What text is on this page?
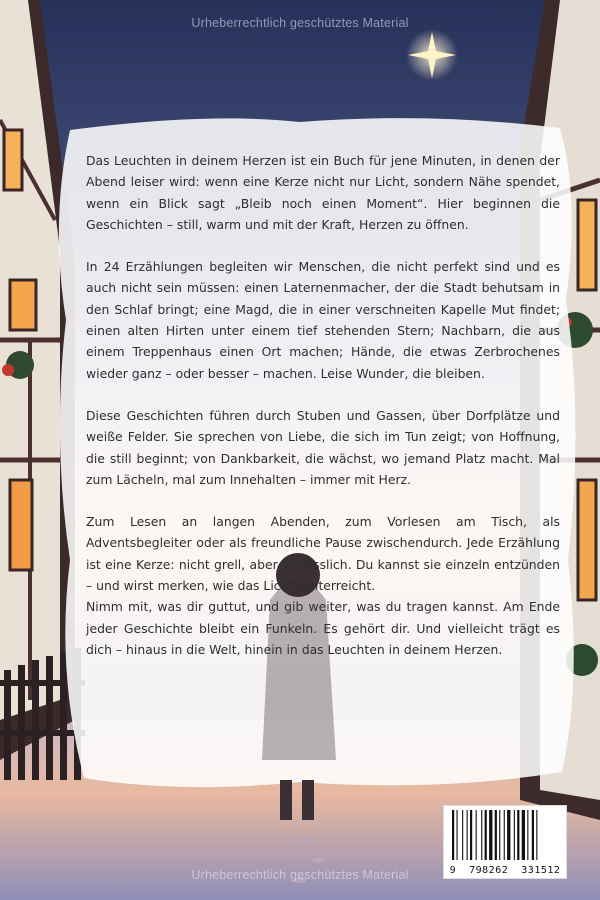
Urheberrechtlich geschütztes Material
Urheberrechtlich geschütztes Material

Das Leuchten in deinem Herzen ist ein Buch für jene Minuten, in denen der Abend leiser wird: wenn eine Kerze nicht nur Licht, sondern Nähe spendet, wenn ein Blick sagt „Bleib noch einen Moment“. Hier beginnen die Geschichten – still, warm und mit der Kraft, Herzen zu öffnen.

In 24 Erzählungen begleiten wir Menschen, die nicht perfekt sind und es auch nicht sein müssen: einen Laternenmacher, der die Stadt behutsam in den Schlaf bringt; eine Magd, die in einer verschneiten Kapelle Mut findet; einen alten Hirten unter einem tief stehenden Stern; Nachbarn, die aus einem Treppenhaus einen Ort machen; Hände, die etwas Zerbrochenes wieder ganz – oder besser – machen. Leise Wunder, die bleiben.

Diese Geschichten führen durch Stuben und Gassen, über Dorfplätze und weiße Felder. Sie sprechen von Liebe, die sich im Tun zeigt; von Hoffnung, die still beginnt; von Dankbarkeit, die wächst, wo jemand Platz macht. Mal zum Lächeln, mal zum Innehalten – immer mit Herz.

Zum Lesen an langen Abenden, zum Vorlesen am Tisch, als Adventsbegleiter oder als freundliche Pause zwischendurch. Jede Erzählung ist eine Kerze: nicht grell, aber verlässlich. Du kannst sie einzeln entzünden – und wirst merken, wie das Licht weiterreicht.

Nimm mit, was dir guttut, und gib weiter, was du tragen kannst. Am Ende jeder Geschichte bleibt ein Funkeln. Es gehört dir. Und vielleicht trägt es dich – hinaus in die Welt, hinein in das Leuchten in deinem Herzen.

9  798262  331512
